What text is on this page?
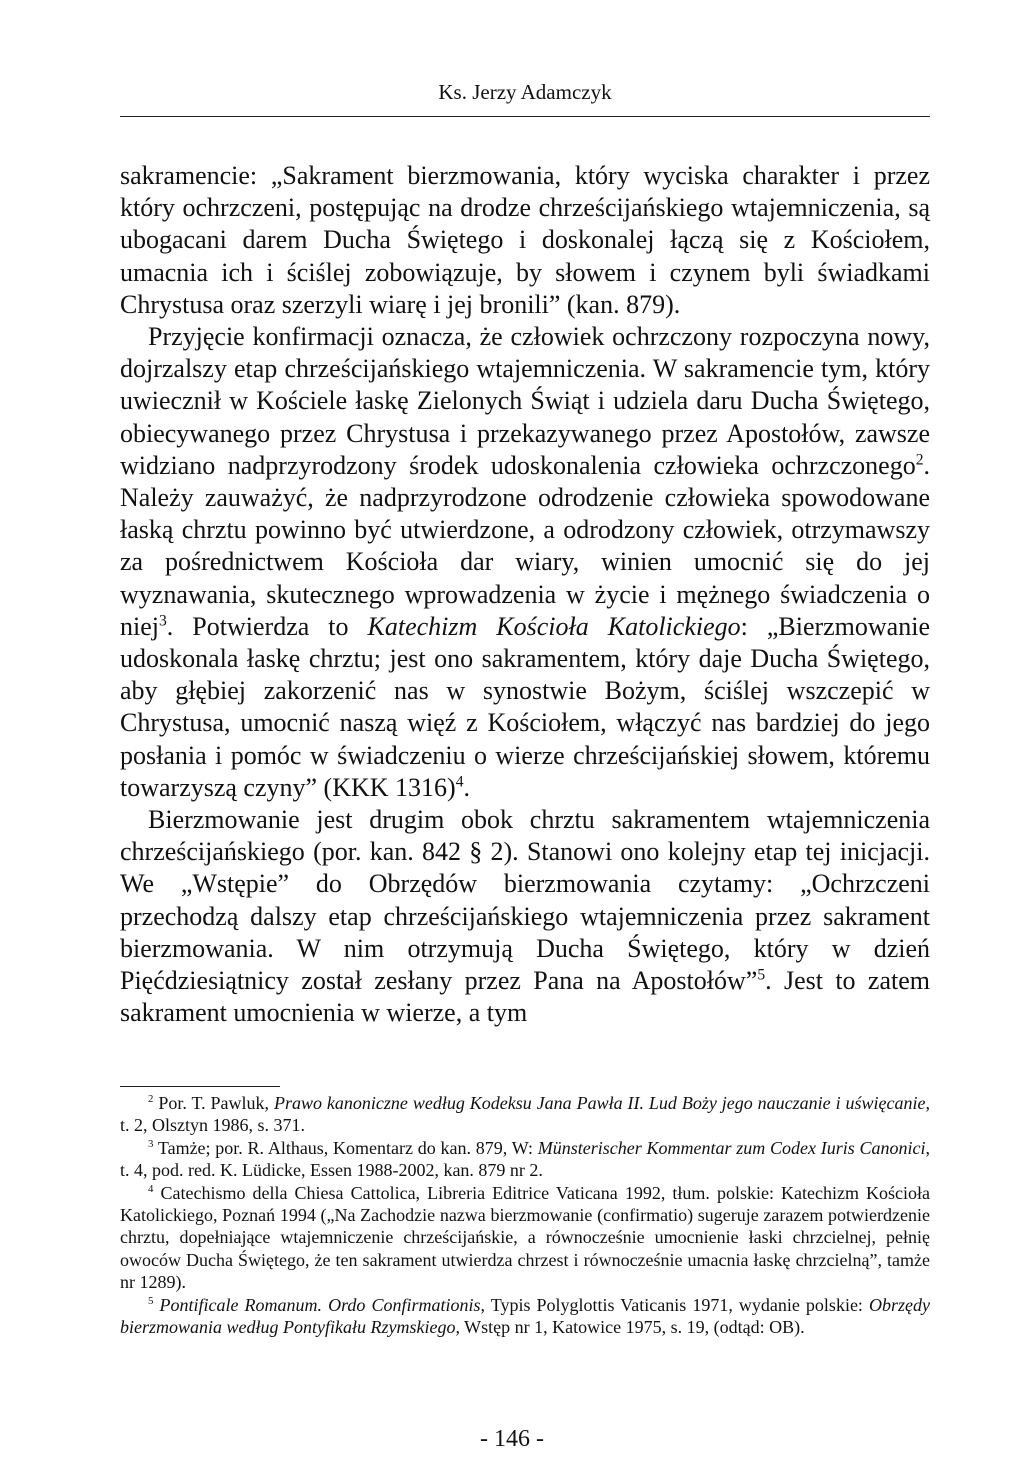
Ks. Jerzy Adamczyk

sakramencie: „Sakrament bierzmowania, który wyciska charakter i przez który ochrzczeni, postępując na drodze chrześcijańskiego wtajemniczenia, są ubogacani darem Ducha Świętego i doskonalej łączą się z Kościołem, umacnia ich i ściślej zobowiązuje, by słowem i czynem byli świadkami Chrystusa oraz szerzyli wiarę i jej bronili” (kan. 879).

Przyjęcie konfirmacji oznacza, że człowiek ochrzczony rozpoczyna nowy, dojrzalszy etap chrześcijańskiego wtajemniczenia. W sakramencie tym, który uwiecznił w Kościele łaskę Zielonych Świąt i udziela daru Ducha Świętego, obiecywanego przez Chrystusa i przekazywanego przez Apostołów, zawsze widziano nadprzyrodzony środek udoskonalenia człowieka ochrzczonego$^2$. Należy zauważyć, że nadprzyrodzone odrodzenie człowieka spowodowane łaską chrztu powinno być utwierdzone, a odrodzony człowiek, otrzymawszy za pośrednictwem Kościoła dar wiary, winien umocnić się do jej wyznawania, skutecznego wprowadzenia w życie i mężnego świadczenia o niej$^3$. Potwierdza to Katechizm Kościoła Katolickiego: „Bierzmowanie udoskonala łaskę chrztu; jest ono sakramentem, który daje Ducha Świętego, aby głębiej zakorzenić nas w synostwie Bożym, ściślej wszczepić w Chrystusa, umocnić naszą więź z Kościołem, włączyć nas bardziej do jego posłania i pomóc w świadczeniu o wierze chrześcijańskiej słowem, któremu towarzyszą czyny” (KKK 1316)$^4$.

Bierzmowanie jest drugim obok chrztu sakramentem wtajemniczenia chrześcijańskiego (por. kan. 842 § 2). Stanowi ono kolejny etap tej inicjacji. We „Wstępie” do Obrzędów bierzmowania czytamy: „Ochrzczeni przechodzą dalszy etap chrześcijańskiego wtajemniczenia przez sakrament bierzmowania. W nim otrzymują Ducha Świętego, który w dzień Pięćdziesiątnicy został zesłany przez Pana na Apostołów”$^5$. Jest to zatem sakrament umocnienia w wierze, a tym

$^2$ Por. T. Pawluk, Prawo kanoniczne według Kodeksu Jana Pawła II. Lud Boży jego nauczanie i uświęcanie, t. 2, Olsztyn 1986, s. 371.

$^3$ Tamże; por. R. Althaus, Komentarz do kan. 879, W: Münsterischer Kommentar zum Codex Iuris Canonici, t. 4, pod. red. K. Lüdicke, Essen 1988-2002, kan. 879 nr 2.

$^4$ Catechismo della Chiesa Cattolica, Libreria Editrice Vaticana 1992, tłum. polskie: Katechizm Kościoła Katolickiego, Poznań 1994 („Na Zachodzie nazwa bierzmowanie (confirmatio) sugeruje zarazem potwierdzenie chrztu, dopełniające wtajemniczenie chrześcijańskie, a równocześnie umocnienie łaski chrzcielnej, pełnię owoców Ducha Świętego, że ten sakrament utwierdza chrzest i równocześnie umacnia łaskę chrzcielną”, tamże nr 1289).

$^5$ Pontificale Romanum. Ordo Confirmationis, Typis Polyglottis Vaticanis 1971, wydanie polskie: Obrzędy bierzmowania według Pontyfikału Rzymskiego, Wstęp nr 1, Katowice 1975, s. 19, (odtąd: OB).

- 146 -
